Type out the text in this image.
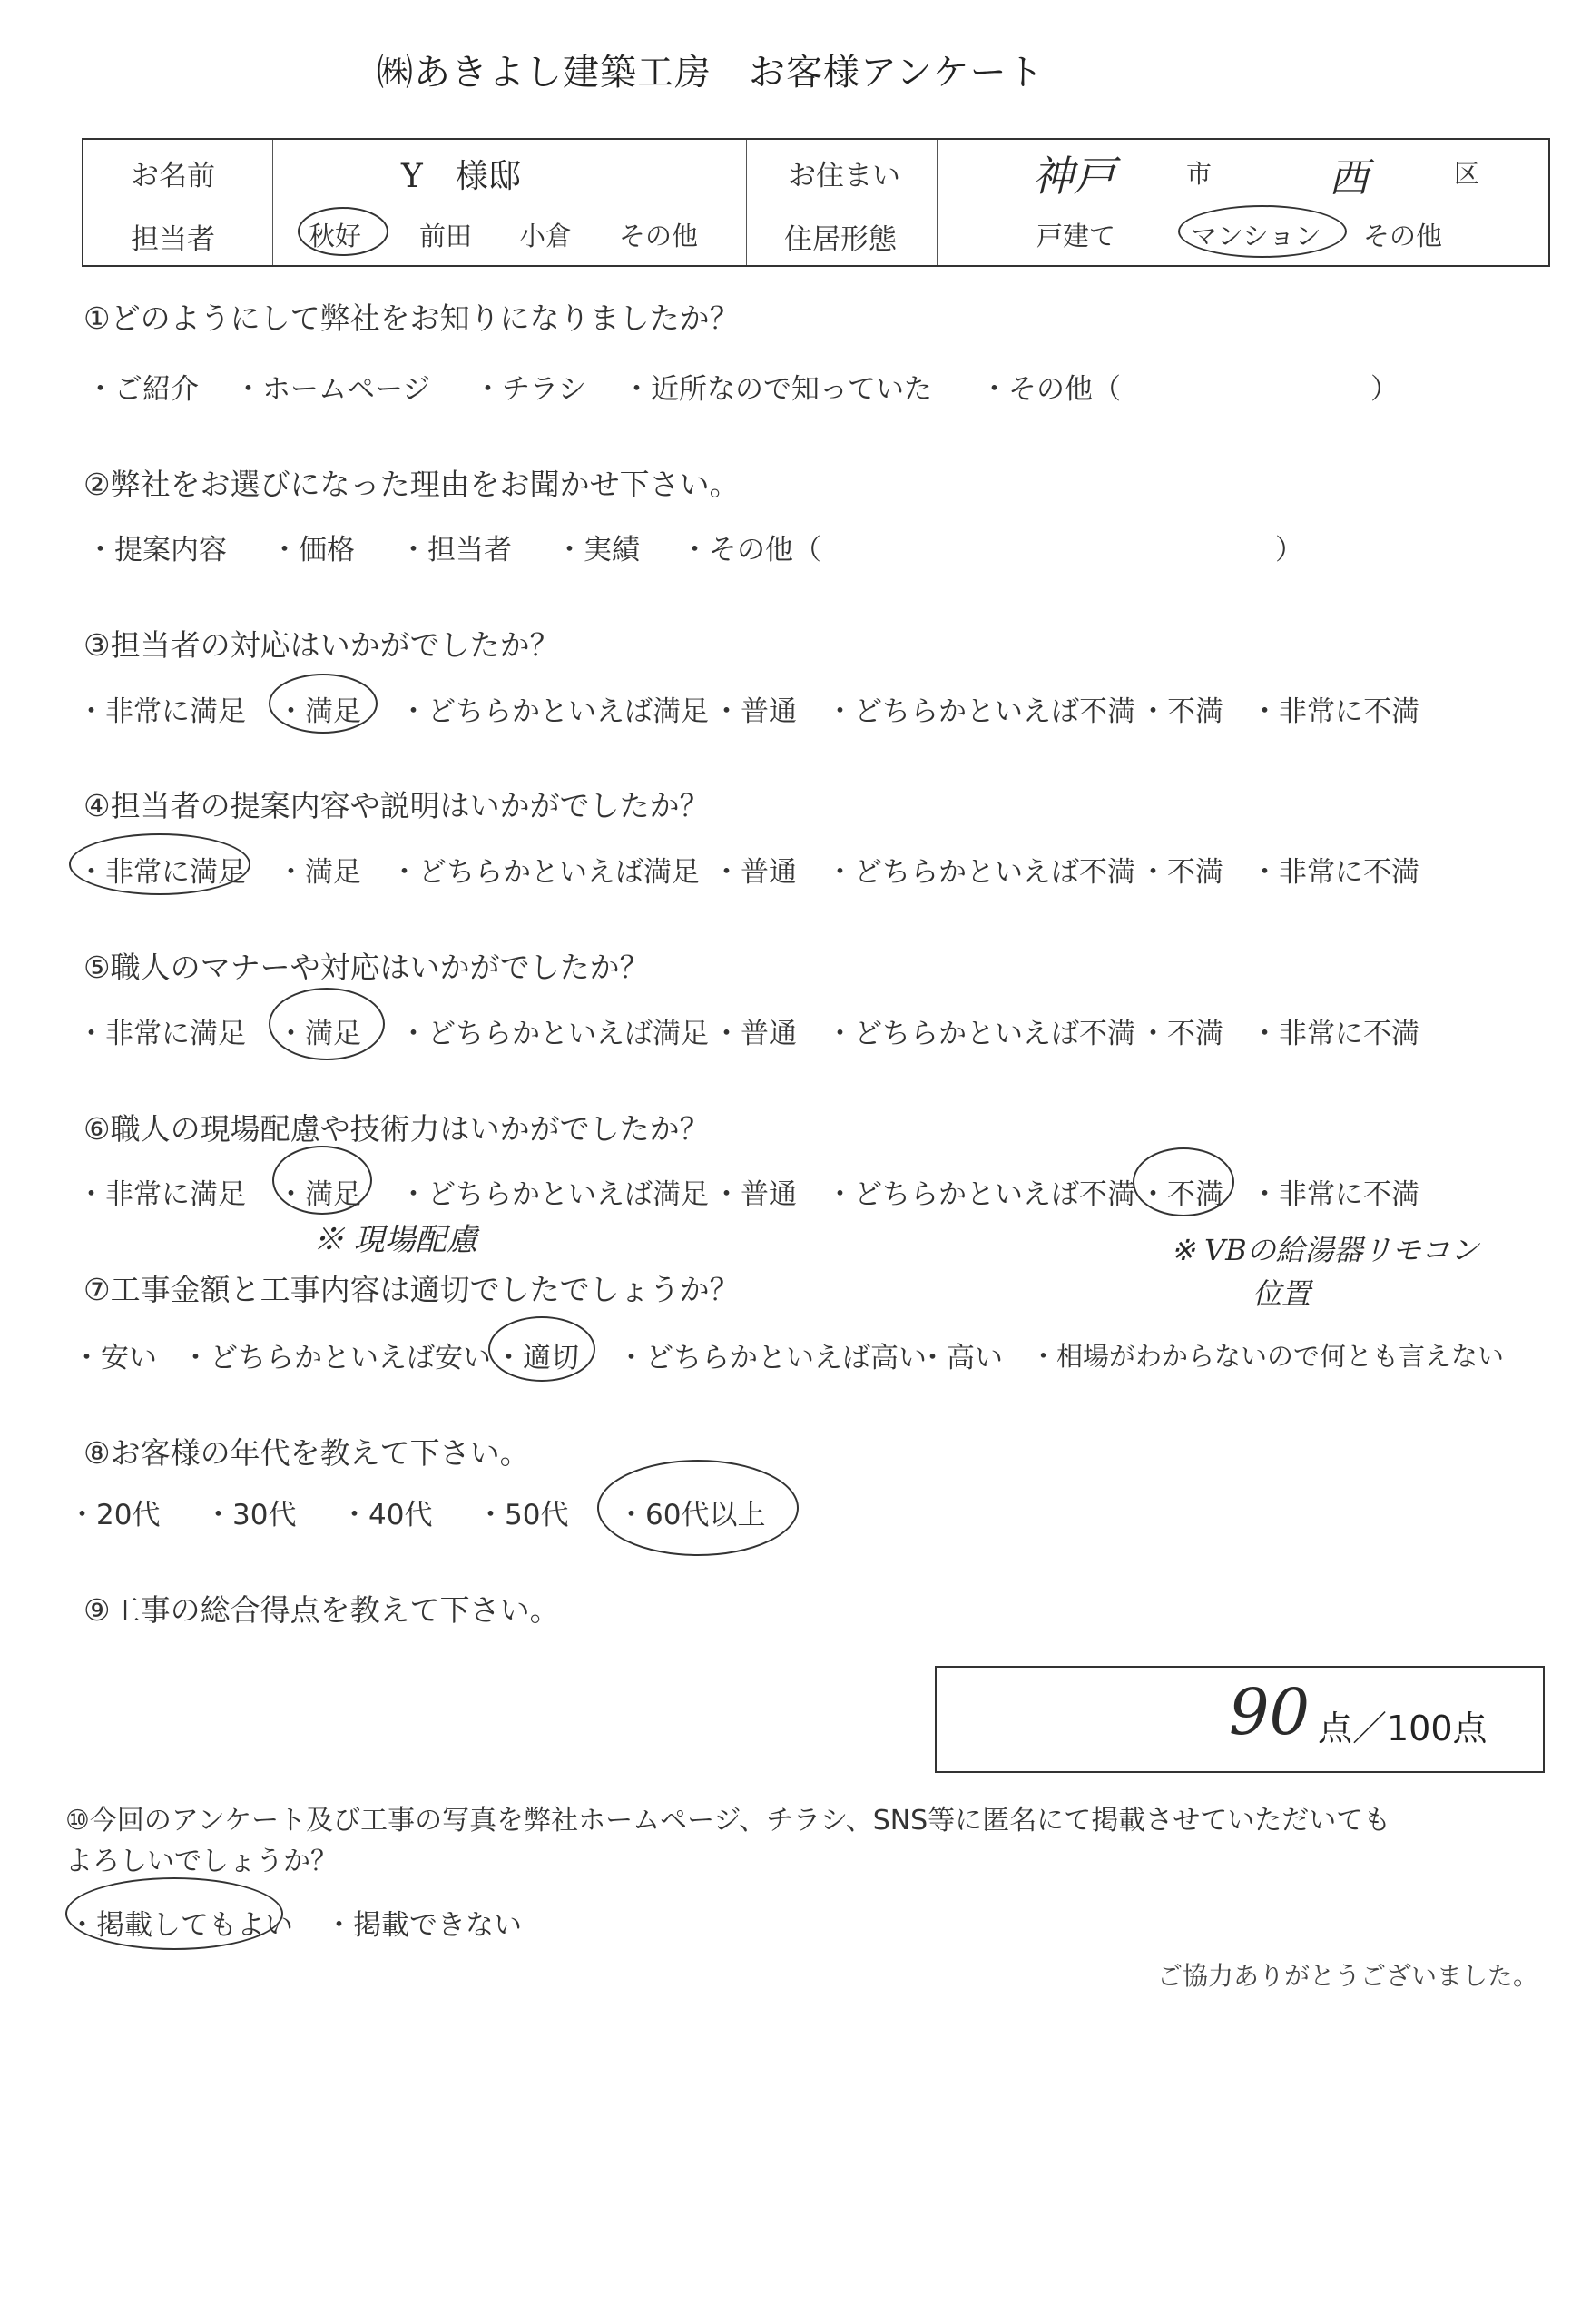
㈱あきよし建築工房　お客様アンケート
お名前	Y　様邸	お住まい	神戸	市	西	区
担当者	秋好 前田 小倉 その他	住居形態	戸建て	マンション その他
①どのようにして弊社をお知りになりましたか？
・ご紹介 ・ホームページ ・チラシ ・近所なので知っていた ・その他（	）
②弊社をお選びになった理由をお聞かせ下さい。
・提案内容 ・価格 ・担当者 ・実績 ・その他（	）
③担当者の対応はいかがでしたか？
・非常に満足 ・満足 ・どちらかといえば満足 ・普通 ・どちらかといえば不満 ・不満 ・非常に不満
④担当者の提案内容や説明はいかがでしたか？
・非常に満足 ・満足 ・どちらかといえば満足 ・普通 ・どちらかといえば不満 ・不満 ・非常に不満
⑤職人のマナーや対応はいかがでしたか？
・非常に満足 ・満足 ・どちらかといえば満足 ・普通 ・どちらかといえば不満 ・不満 ・非常に不満
⑥職人の現場配慮や技術力はいかがでしたか？
・非常に満足 ・満足 ・どちらかといえば満足 ・普通 ・どちらかといえば不満 ・不満 ・非常に不満
※ 現場配慮	※ VBの給湯器リモコン
位置
⑦工事金額と工事内容は適切でしたでしょうか？
・安い ・どちらかといえば安い ・適切 ・どちらかといえば高い
・高い ・相場がわからないので何とも言えない
⑧お客様の年代を教えて下さい。
・20代 ・30代 ・40代 ・50代 ・60代以上
⑨工事の総合得点を教えて下さい。
90 点／100点
⑩今回のアンケート及び工事の写真を弊社ホームページ、チラシ、SNS等に匿名にて掲載させていただいても
よろしいでしょうか？
・掲載してもよい ・掲載できない
ご協力ありがとうございました。
